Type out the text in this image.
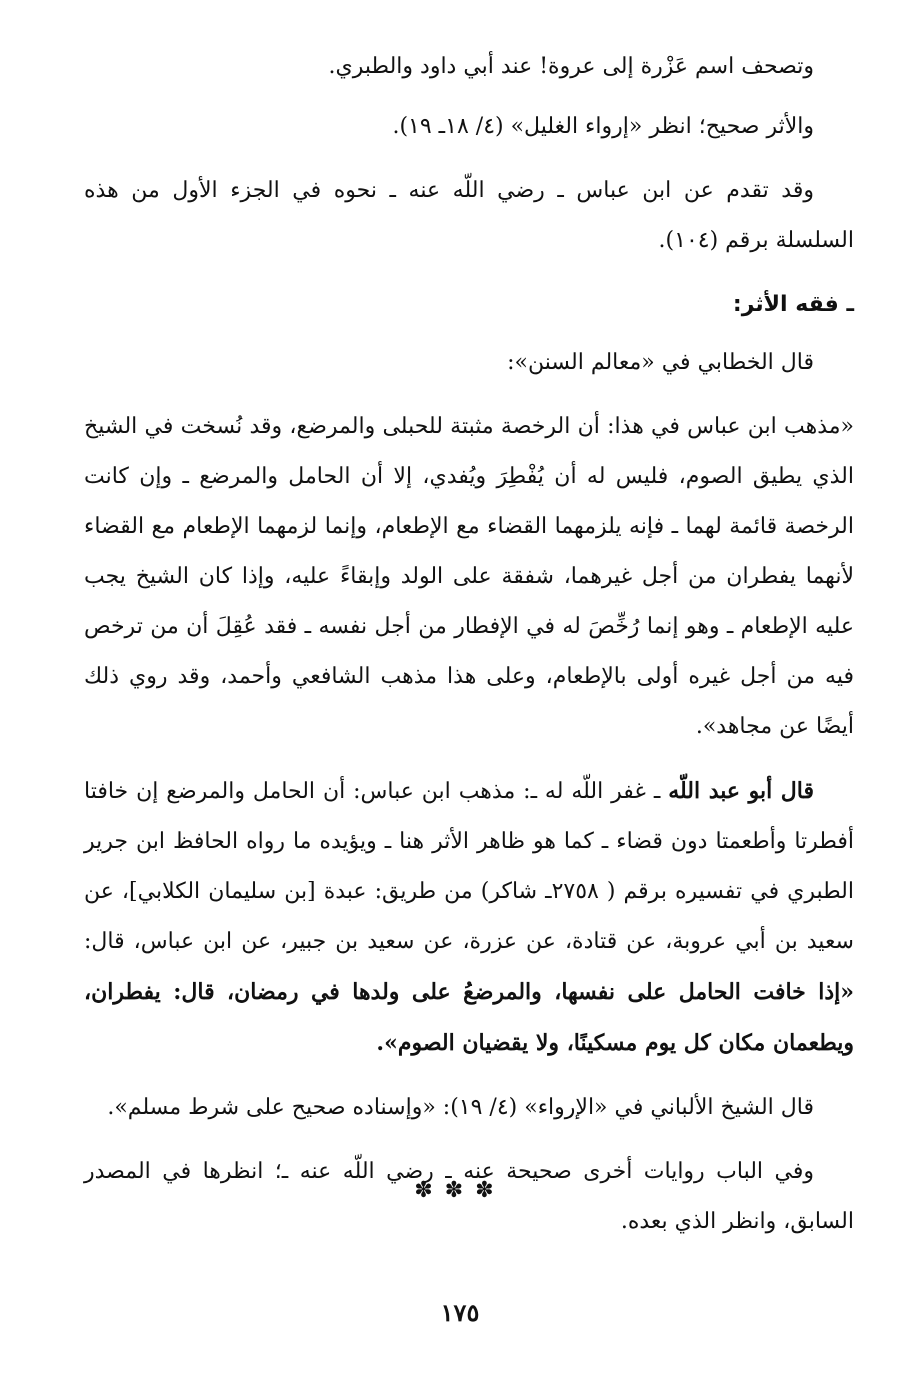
وتصحف اسم عَزْرة إلى عروة! عند أبي داود والطبري.

والأثر صحيح؛ انظر «إرواء الغليل» (٤/ ١٨ـ ١٩).

وقد تقدم عن ابن عباس ـ رضي اللّه عنه ـ نحوه في الجزء الأول من هذه السلسلة برقم (١٠٤).

ـ فقه الأثر:

قال الخطابي في «معالم السنن»:

«مذهب ابن عباس في هذا: أن الرخصة مثبتة للحبلى والمرضع، وقد نُسخت في الشيخ الذي يطيق الصوم، فليس له أن يُفْطِرَ ويُفدي، إلا أن الحامل والمرضع ـ وإن كانت الرخصة قائمة لهما ـ فإنه يلزمهما القضاء مع الإطعام، وإنما لزمهما الإطعام مع القضاء لأنهما يفطران من أجل غيرهما، شفقة على الولد وإبقاءً عليه، وإذا كان الشيخ يجب عليه الإطعام ـ وهو إنما رُخِّصَ له في الإفطار من أجل نفسه ـ فقد عُقِلَ أن من ترخص فيه من أجل غيره أولى بالإطعام، وعلى هذا مذهب الشافعي وأحمد، وقد روي ذلك أيضًا عن مجاهد».

قال أبو عبد اللّه ـ غفر اللّه له ـ: مذهب ابن عباس: أن الحامل والمرضع إن خافتا أفطرتا وأطعمتا دون قضاء ـ كما هو ظاهر الأثر هنا ـ ويؤيده ما رواه الحافظ ابن جرير الطبري في تفسيره برقم ( ٢٧٥٨ـ شاكر) من طريق: عبدة [بن سليمان الكلابي]، عن سعيد بن أبي عروبة، عن قتادة، عن عزرة، عن سعيد بن جبير، عن ابن عباس، قال: «إذا خافت الحامل على نفسها، والمرضعُ على ولدها في رمضان، قال: يفطران، ويطعمان مكان كل يوم مسكينًا، ولا يقضيان الصوم».

قال الشيخ الألباني في «الإرواء» (٤/ ١٩): «وإسناده صحيح على شرط مسلم».

وفي الباب روايات أخرى صحيحة عنه ـ رضي اللّه عنه ـ؛ انظرها في المصدر السابق، وانظر الذي بعده.

✽✽✽
١٧٥
